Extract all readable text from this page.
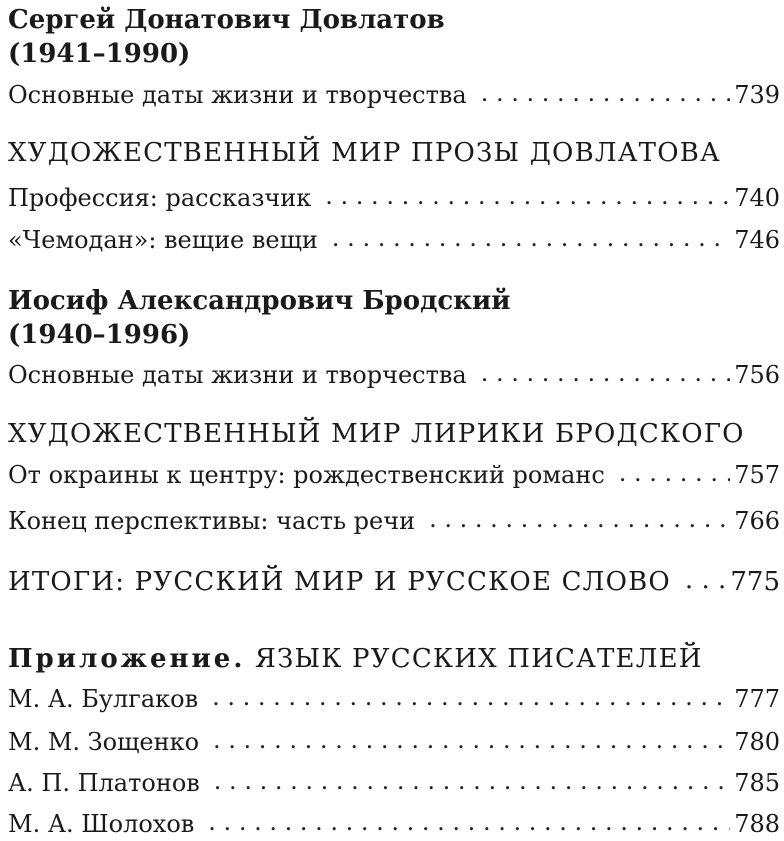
Сергей Донатович Довлатов
(1941–1990)
Основные даты жизни и творчества . . .	739
ХУДОЖЕСТВЕННЫЙ МИР ПРОЗЫ ДОВЛАТОВА
Профессия: рассказчик . . .	740
«Чемодан»: вещие вещи . . .	746
Иосиф Александрович Бродский
(1940–1996)
Основные даты жизни и творчества . . .	756
ХУДОЖЕСТВЕННЫЙ МИР ЛИРИКИ БРОДСКОГО
От окраины к центру: рождественский романс . . .	757
Конец перспективы: часть речи . . .	766
ИТОГИ: РУССКИЙ МИР И РУССКОЕ СЛОВО . . . 775
Приложение. ЯЗЫК РУССКИХ ПИСАТЕЛЕЙ
М. А. Булгаков . . .	777
М. М. Зощенко . . .	780
А. П. Платонов . . .	785
М. А. Шолохов . . .	788
